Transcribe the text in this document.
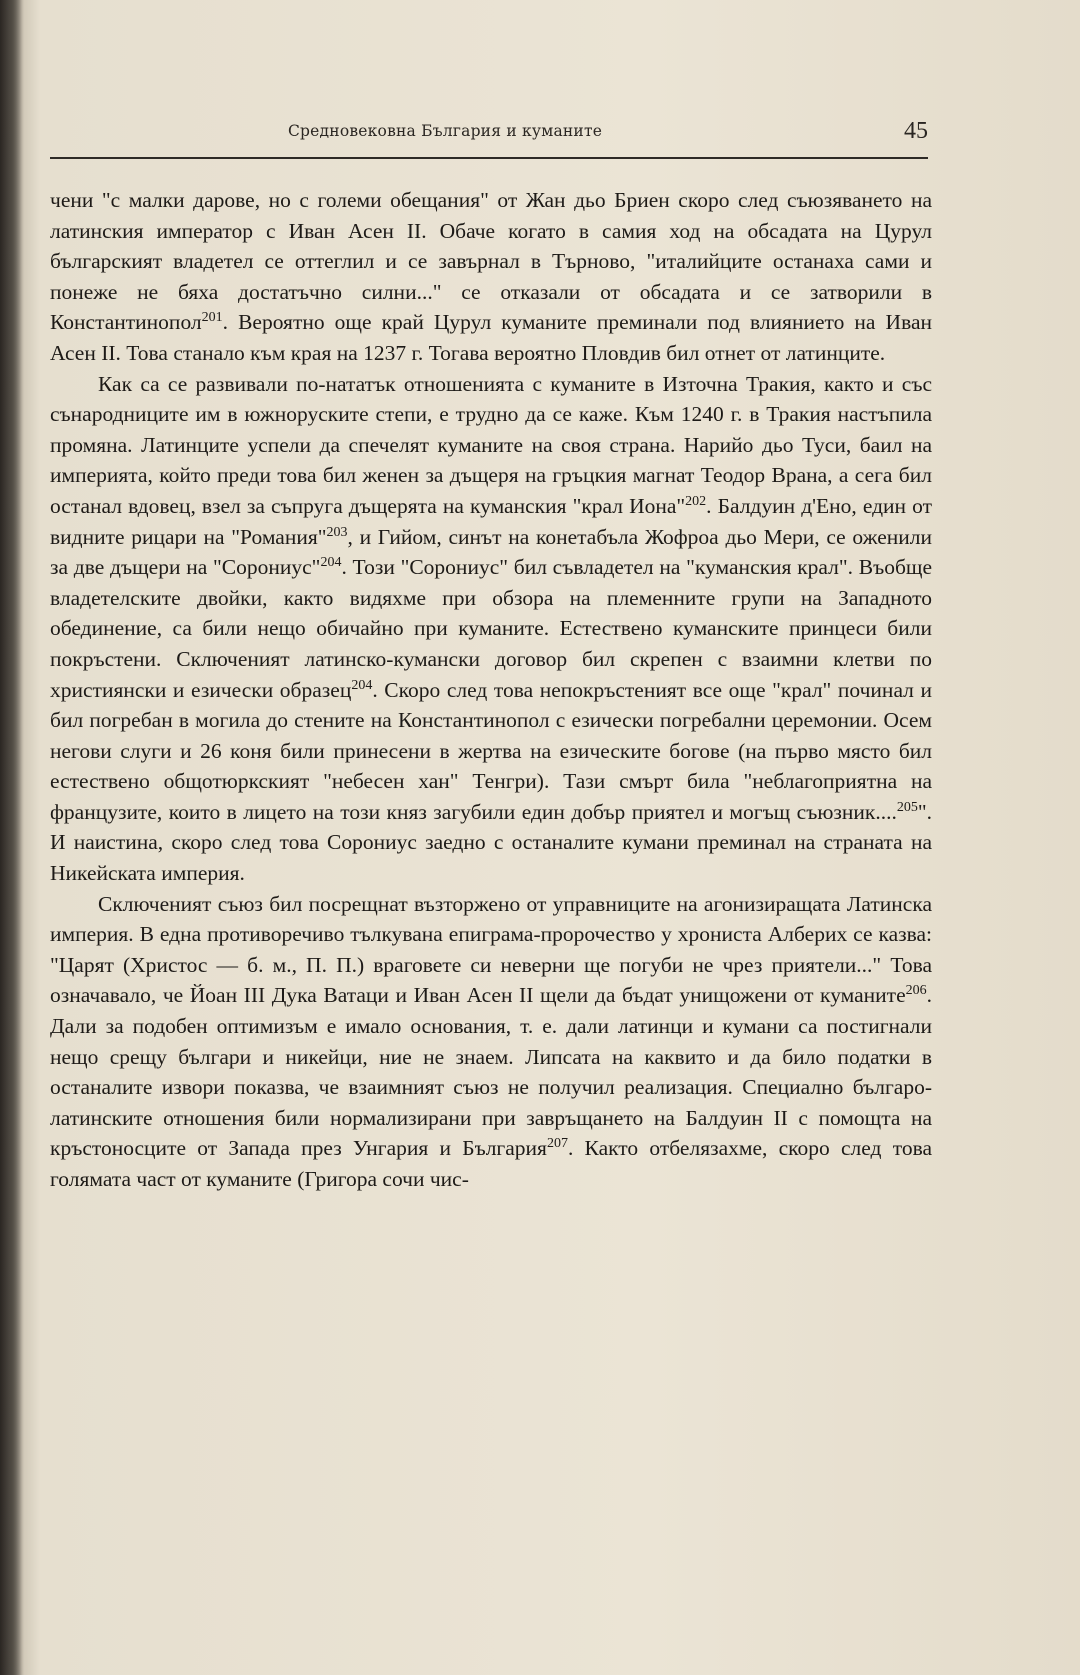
Средновековна България и куманите	45

чени "с малки дарове, но с големи обещания" от Жан дьо Бриен скоро след съюзяването на латинския император с Иван Асен II. Обаче когато в самия ход на обсадата на Цурул българският владетел се оттеглил и се завърнал в Търново, "италийците останаха сами и понеже не бяха достатъчно силни..." се отказали от обсадата и се затворили в Константинопол$^{201}$. Вероятно още край Цурул куманите преминали под влиянието на Иван Асен II. Това станало към края на 1237 г. Тогава вероятно Пловдив бил отнет от латинците.

Как са се развивали по-нататък отношенията с куманите в Източна Тракия, както и със сънародниците им в южноруските степи, е трудно да се каже. Към 1240 г. в Тракия настъпила промяна. Латинците успели да спечелят куманите на своя страна. Нарийо дьо Туси, баил на империята, който преди това бил женен за дъщеря на гръцкия магнат Теодор Врана, а сега бил останал вдовец, взел за съпруга дъщерята на куманския "крал Иона"$^{202}$. Балдуин д'Ено, един от видните рицари на "Романия"$^{203}$, и Гийом, синът на конетабъла Жофроа дьо Мери, се оженили за две дъщери на "Сорониус"$^{204}$. Този "Сорониус" бил съвладетел на "куманския крал". Въобще владетелските двойки, както видяхме при обзора на племенните групи на Западното обединение, са били нещо обичайно при куманите. Естествено куманските принцеси били покръстени. Сключеният латинско-кумански договор бил скрепен с взаимни клетви по християнски и езически образец$^{204}$. Скоро след това непокръстеният все още "крал" починал и бил погребан в могила до стените на Константинопол с езически погребални церемонии. Осем негови слуги и 26 коня били принесени в жертва на езическите богове (на първо място бил естествено общотюркският "небесен хан" Тенгри). Тази смърт била "неблагоприятна на французите, които в лицето на този княз загубили един добър приятел и могъщ съюзник....$^{205}$". И наистина, скоро след това Сорониус заедно с останалите кумани преминал на страната на Никейската империя.

Сключеният съюз бил посрещнат възторжено от управниците на агонизиращата Латинска империя. В една противоречиво тълкувана епиграма-пророчество у хрониста Алберих се казва: "Царят (Христос — б. м., П. П.) враговете си неверни ще погуби не чрез приятели..." Това означавало, че Йоан III Дука Ватаци и Иван Асен II щели да бъдат унищожени от куманите$^{206}$. Дали за подобен оптимизъм е имало основания, т. е. дали латинци и кумани са постигнали нещо срещу българи и никейци, ние не знаем. Липсата на каквито и да било податки в останалите извори показва, че взаимният съюз не получил реализация. Специално българо-латинските отношения били нормализирани при завръщането на Балдуин II с помощта на кръстоносците от Запада през Унгария и България$^{207}$. Както отбелязахме, скоро след това голямата част от куманите (Григора сочи чис-
